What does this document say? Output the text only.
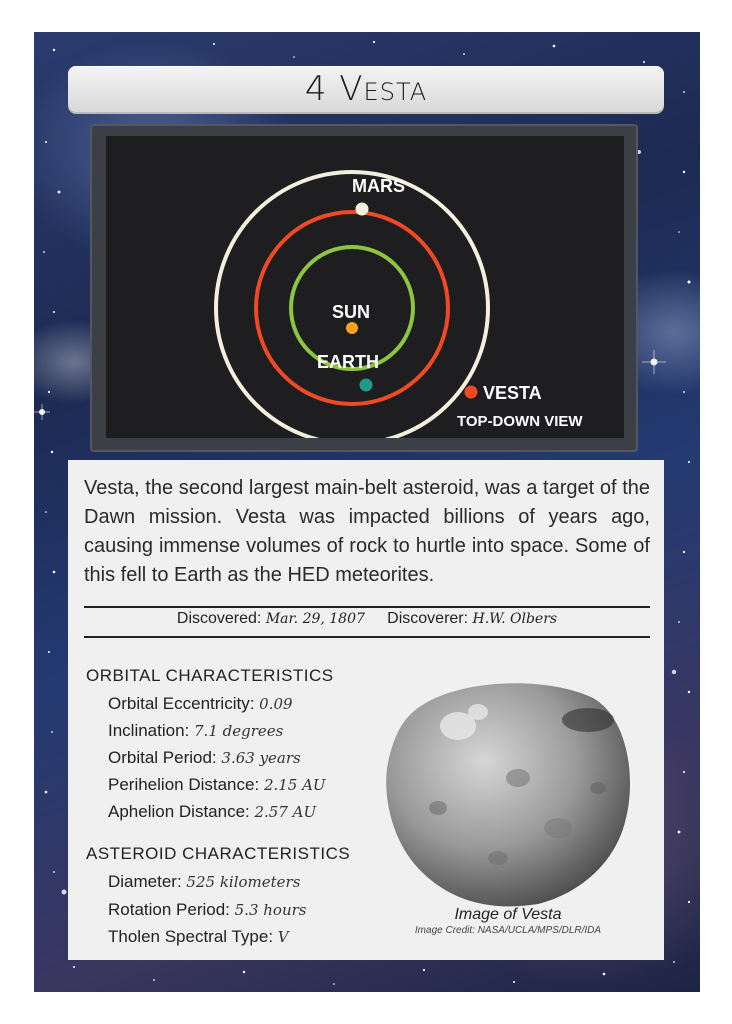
4 Vesta
MARS
SUN
EARTH
VESTA
TOP-DOWN VIEW
Vesta, the second largest main-belt asteroid, was a target of the Dawn mission. Vesta was impacted billions of years ago, causing immense volumes of rock to hurtle into space. Some of this fell to Earth as the HED meteorites.
Discovered: Mar. 29, 1807 Discoverer: H.W. Olbers
ORBITAL CHARACTERISTICS
Orbital Eccentricity: 0.09
Inclination: 7.1 degrees
Orbital Period: 3.63 years
Perihelion Distance: 2.15 AU
Aphelion Distance: 2.57 AU
ASTEROID CHARACTERISTICS
Diameter: 525 kilometers
Rotation Period: 5.3 hours
Tholen Spectral Type: V
Image of Vesta
Image Credit: NASA/UCLA/MPS/DLR/IDA
